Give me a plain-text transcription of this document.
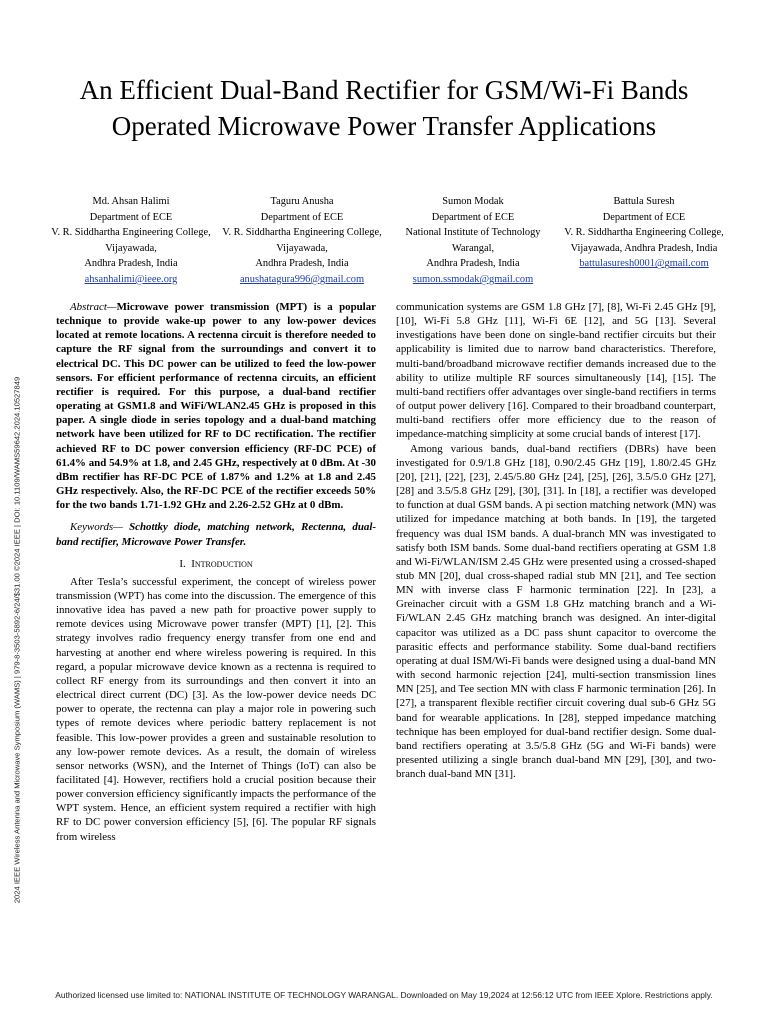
An Efficient Dual-Band Rectifier for GSM/Wi-Fi Bands Operated Microwave Power Transfer Applications
Md. Ahsan Halimi
Department of ECE
V. R. Siddhartha Engineering College, Vijayawada,
Andhra Pradesh, India
ahsanhalimi@ieee.org
Taguru Anusha
Department of ECE
V. R. Siddhartha Engineering College, Vijayawada,
Andhra Pradesh, India
anushatagura996@gmail.com
Sumon Modak
Department of ECE
National Institute of Technology Warangal,
Andhra Pradesh, India
sumon.ssmodak@gmail.com
Battula Suresh
Department of ECE
V. R. Siddhartha Engineering College, Vijayawada, Andhra Pradesh, India
battulasuresh0001@gmail.com
2024 IEEE Wireless Antenna and Microwave Symposium (WAMS) | 979-8-3503-5892-6/24/$31.00 ©2024 IEEE | DOI: 10.1109/WAMS59642.2024.10527849

Abstract—Microwave power transmission (MPT) is a popular technique to provide wake-up power to any low-power devices located at remote locations. A rectenna circuit is therefore needed to capture the RF signal from the surroundings and convert it to electrical DC. This DC power can be utilized to feed the low-power sensors. For efficient performance of rectenna circuits, an efficient rectifier is required. For this purpose, a dual-band rectifier operating at GSM1.8 and WiFi/WLAN2.45 GHz is proposed in this paper. A single diode in series topology and a dual-band matching network have been utilized for RF to DC rectification. The rectifier achieved RF to DC power conversion efficiency (RF-DC PCE) of 61.4% and 54.9% at 1.8, and 2.45 GHz, respectively at 0 dBm. At -30 dBm rectifier has RF-DC PCE of 1.87% and 1.2% at 1.8 and 2.45 GHz respectively. Also, the RF-DC PCE of the rectifier exceeds 50% for the two bands 1.71-1.92 GHz and 2.26-2.52 GHz at 0 dBm.

Keywords— Schottky diode, matching network, Rectenna, dual-band rectifier, Microwave Power Transfer.

I. Introduction

After Tesla’s successful experiment, the concept of wireless power transmission (WPT) has come into the discussion. The emergence of this innovative idea has paved a new path for proactive power supply to remote devices using Microwave power transfer (MPT) [1], [2]. This strategy involves radio frequency energy transfer from one end and harvesting at another end where wireless powering is required. In this regard, a popular microwave device known as a rectenna is required to collect RF energy from its surroundings and then convert it into an electrical direct current (DC) [3]. As the low-power device needs DC power to operate, the rectenna can play a major role in powering such types of remote devices where periodic battery replacement is not feasible. This low-power provides a green and sustainable resolution to any low-power remote devices. As a result, the domain of wireless sensor networks (WSN), and the Internet of Things (IoT) can also be facilitated [4]. However, rectifiers hold a crucial position because their power conversion efficiency significantly impacts the performance of the WPT system. Hence, an efficient system required a rectifier with high RF to DC power conversion efficiency [5], [6]. The popular RF signals from wireless

communication systems are GSM 1.8 GHz [7], [8], Wi-Fi 2.45 GHz [9], [10], Wi-Fi 5.8 GHz [11], Wi-Fi 6E [12], and 5G [13]. Several investigations have been done on single-band rectifier circuits but their applicability is limited due to narrow band characteristics. Therefore, multi-band/broadband microwave rectifier demands increased due to the ability to utilize multiple RF sources simultaneously [14], [15]. The multi-band rectifiers offer advantages over single-band rectifiers in terms of output power delivery [16]. Compared to their broadband counterpart, multi-band rectifiers offer more efficiency due to the reason of impedance-matching simplicity at some crucial bands of interest [17].

Among various bands, dual-band rectifiers (DBRs) have been investigated for 0.9/1.8 GHz [18], 0.90/2.45 GHz [19], 1.80/2.45 GHz [20], [21], [22], [23], 2.45/5.80 GHz [24], [25], [26], 3.5/5.0 GHz [27], [28] and 3.5/5.8 GHz [29], [30], [31]. In [18], a rectifier was developed to function at dual GSM bands. A pi section matching network (MN) was utilized for impedance matching at both bands. In [19], the targeted frequency was dual ISM bands. A dual-branch MN was investigated to satisfy both ISM bands. Some dual-band rectifiers operating at GSM 1.8 and Wi-Fi/WLAN/ISM 2.45 GHz were presented using a crossed-shaped stub MN [20], dual cross-shaped radial stub MN [21], and Tee section MN with inverse class F harmonic termination [22]. In [23], a Greinacher circuit with a GSM 1.8 GHz matching branch and a Wi-Fi/WLAN 2.45 GHz matching branch was designed. An inter-digital capacitor was utilized as a DC pass shunt capacitor to overcome the parasitic effects and performance stability. Some dual-band rectifiers operating at dual ISM/Wi-Fi bands were designed using a dual-band MN with second harmonic rejection [24], multi-section transmission lines MN [25], and Tee section MN with class F harmonic termination [26]. In [27], a transparent flexible rectifier circuit covering dual sub-6 GHz 5G band for wearable applications. In [28], stepped impedance matching technique has been employed for dual-band rectifier design. Some dual-band rectifiers operating at 3.5/5.8 GHz (5G and Wi-Fi bands) were presented utilizing a single branch dual-band MN [29], [30], and two-branch dual-band MN [31].

Authorized licensed use limited to: NATIONAL INSTITUTE OF TECHNOLOGY WARANGAL. Downloaded on May 19,2024 at 12:56:12 UTC from IEEE Xplore. Restrictions apply.
